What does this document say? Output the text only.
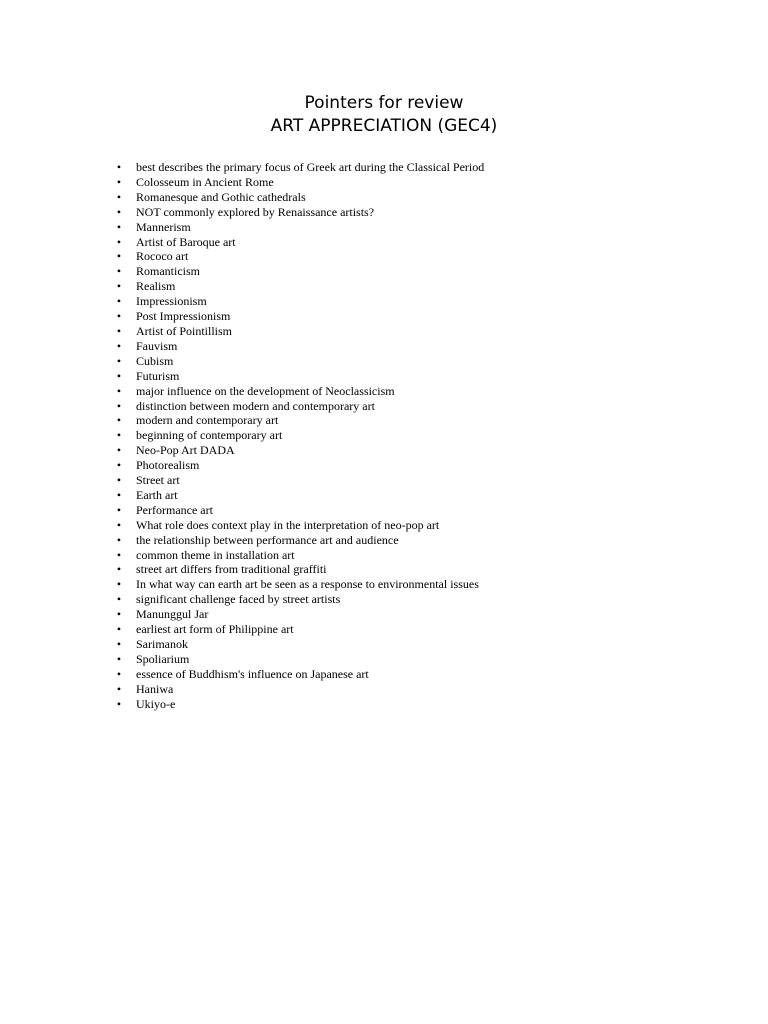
Pointers for review
ART APPRECIATION (GEC4)
• best describes the primary focus of Greek art during the Classical Period
• Colosseum in Ancient Rome
• Romanesque and Gothic cathedrals
• NOT commonly explored by Renaissance artists?
• Mannerism
• Artist of Baroque art
• Rococo art
• Romanticism
• Realism
• Impressionism
• Post Impressionism
• Artist of Pointillism
• Fauvism
• Cubism
• Futurism
• major influence on the development of Neoclassicism
• distinction between modern and contemporary art
• modern and contemporary art
• beginning of contemporary art
• Neo-Pop Art DADA
• Photorealism
• Street art
• Earth art
• Performance art
• What role does context play in the interpretation of neo-pop art
• the relationship between performance art and audience
• common theme in installation art
• street art differs from traditional graffiti
• In what way can earth art be seen as a response to environmental issues
• significant challenge faced by street artists
• Manunggul Jar
• earliest art form of Philippine art
• Sarimanok
• Spoliarium
• essence of Buddhism's influence on Japanese art
• Haniwa
• Ukiyo-e
